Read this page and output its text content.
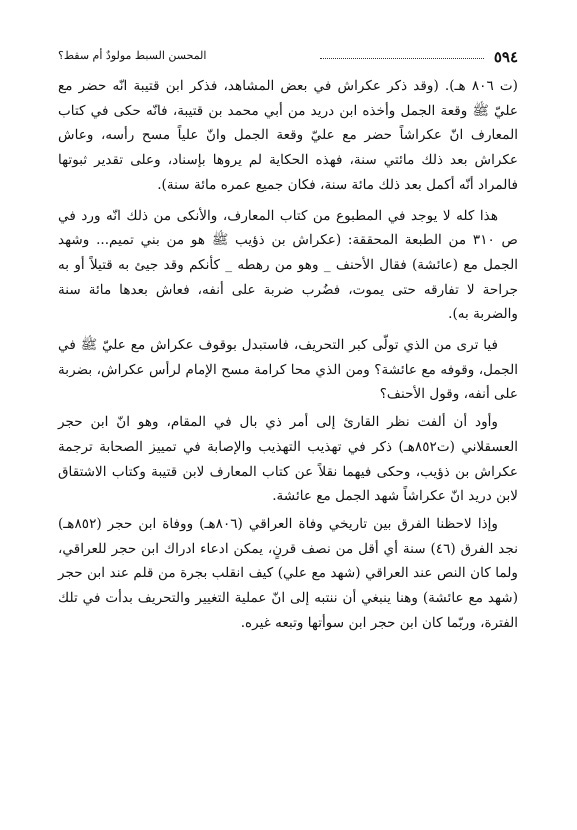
٥٩٤
المحسن السبط مولودٌ أم سقط؟

(ت ٨٠٦ هـ). (وقد ذكر عكراش في بعض المشاهد، فذكر ابن قتيبة انّه حضر مع عليّ ﷺ وقعة الجمل وأخذه ابن دريد من أبي محمد بن قتيبة، فانّه حكى في كتاب المعارف انّ عكراشاً حضر مع عليّ وقعة الجمل وانّ علياً مسح رأسه، وعاش عكراش بعد ذلك مائتي سنة، فهذه الحكاية لم يروها بإسناد، وعلى تقدير ثبوتها فالمراد أنّه أكمل بعد ذلك مائة سنة، فكان جميع عمره مائة سنة).

هذا كله لا يوجد في المطبوع من كتاب المعارف، والأنكى من ذلك انّه ورد في ص ٣١٠ من الطبعة المحققة: (عكراش بن ذؤيب ﷺ هو من بني تميم... وشهد الجمل مع (عائشة) فقال الأحنف _ وهو من رهطه _ كأنكم وقد جيئ به قتيلاً أو به جراحة لا تفارقه حتى يموت، فضُرب ضربة على أنفه، فعاش بعدها مائة سنة والضربة به).

فيا ترى من الذي تولّى كبر التحريف، فاستبدل بوقوف عكراش مع عليّ ﷺ في الجمل، وقوفه مع عائشة؟ ومن الذي محا كرامة مسح الإمام لرأس عكراش، بضربة على أنفه، وقول الأحنف؟

وأود أن ألفت نظر القارئ إلى أمر ذي بال في المقام، وهو انّ ابن حجر العسقلاني (ت٨٥٢هـ) ذكر في تهذيب التهذيب والإصابة في تمييز الصحابة ترجمة عكراش بن ذؤيب، وحكى فيهما نقلاً عن كتاب المعارف لابن قتيبة وكتاب الاشتقاق لابن دريد انّ عكراشاً شهد الجمل مع عائشة.

وإذا لاحظنا الفرق بين تاريخي وفاة العراقي (٨٠٦هـ) ووفاة ابن حجر (٨٥٢هـ) نجد الفرق (٤٦) سنة أي أقل من نصف قرنٍ، يمكن ادعاء ادراك ابن حجر للعراقي، ولما كان النص عند العراقي (شهد مع علي) كيف انقلب بجرة من قلم عند ابن حجر (شهد مع عائشة) وهنا ينبغي أن ننتبه إلى انّ عملية التغيير والتحريف بدأت في تلك الفترة، وربّما كان ابن حجر ابن سوأتها وتبعه غيره.
